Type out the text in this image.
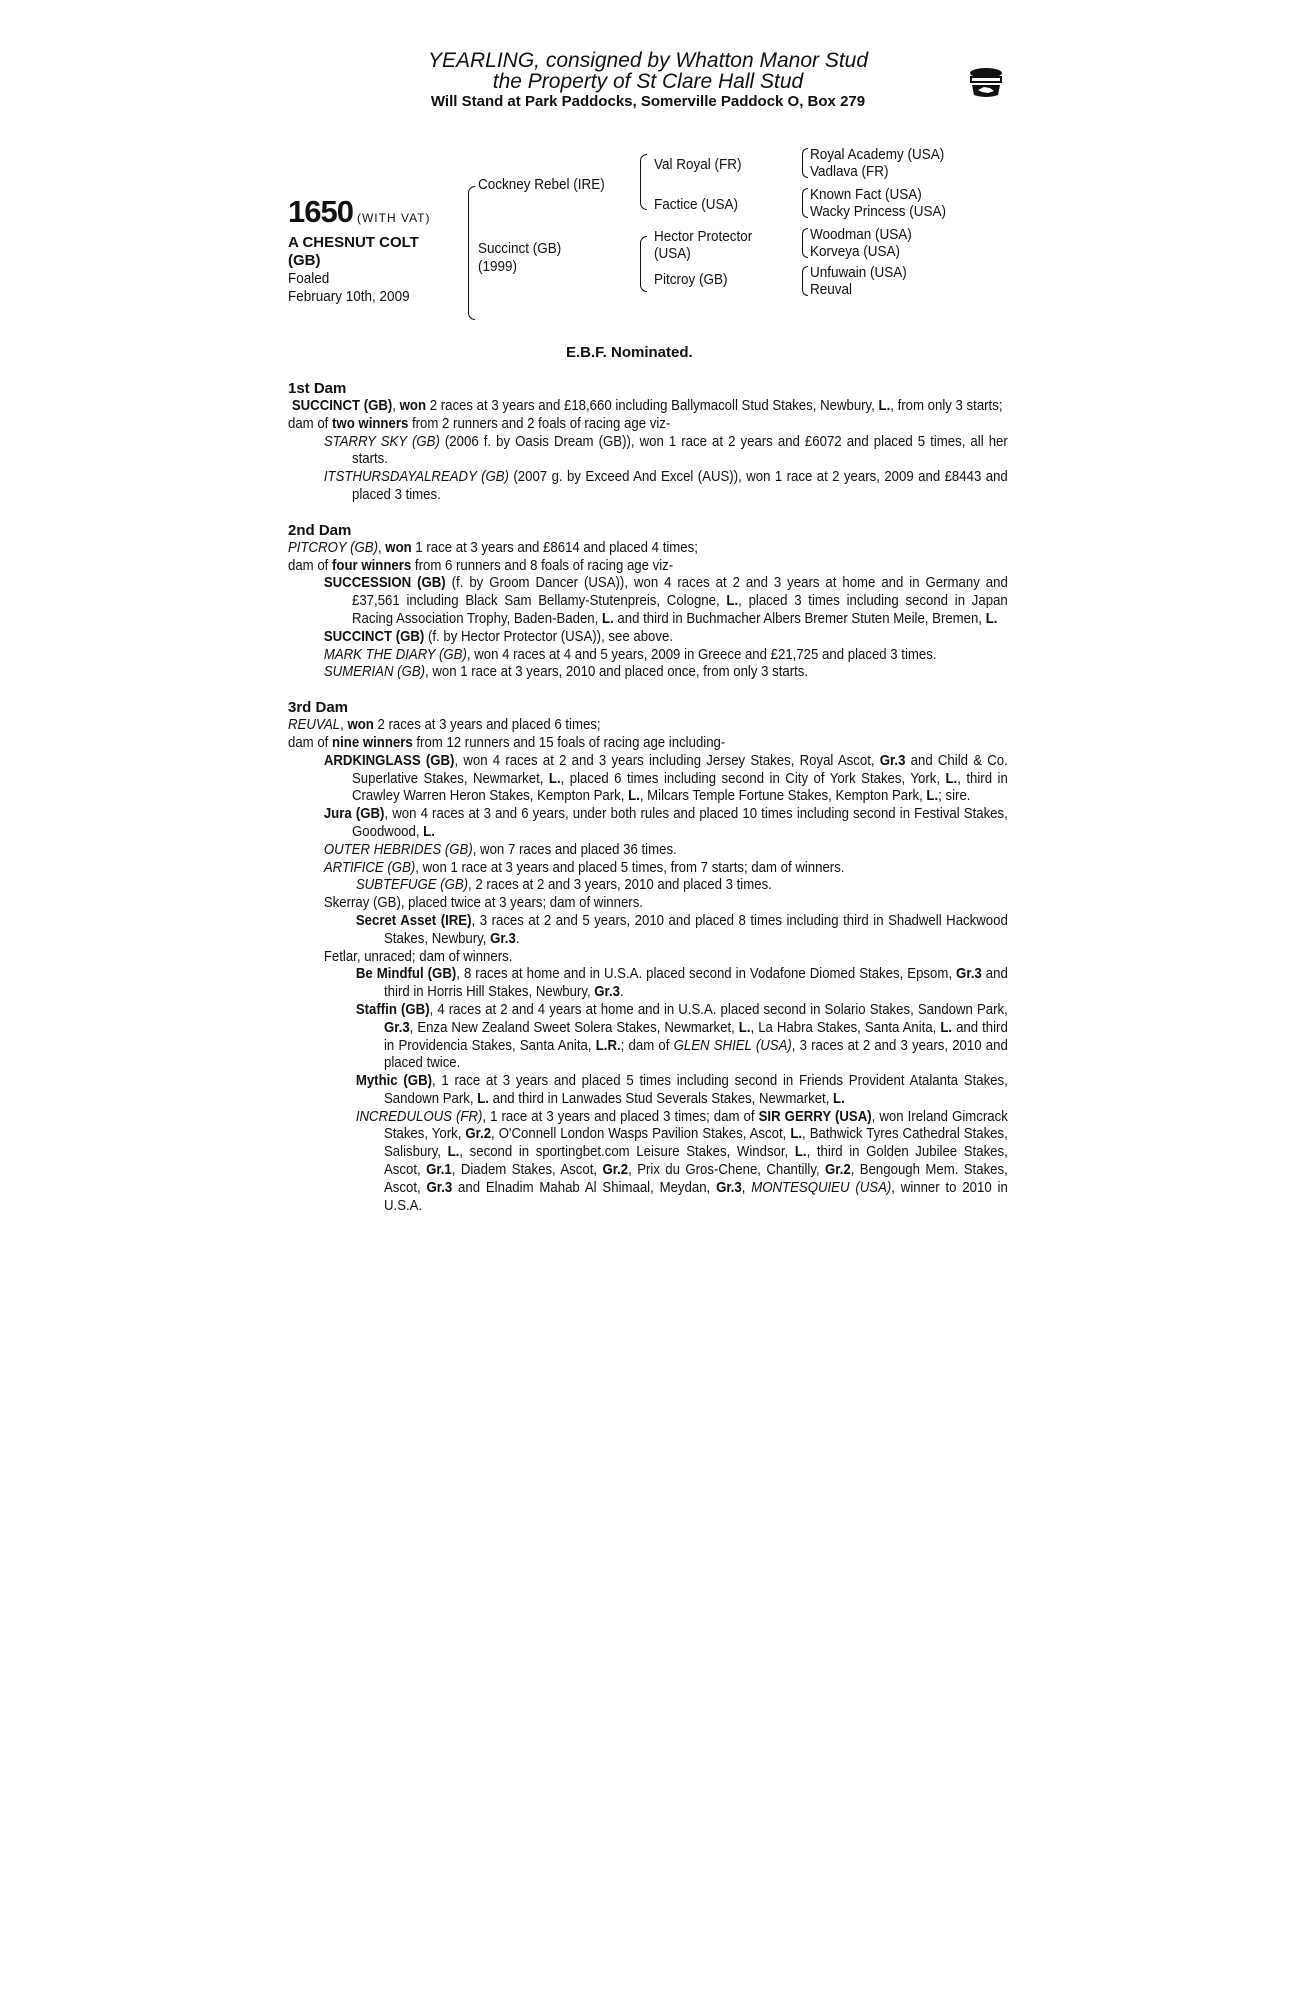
YEARLING, consigned by Whatton Manor Stud
the Property of St Clare Hall Stud
Will Stand at Park Paddocks, Somerville Paddock O, Box 279
1650 (WITH VAT)
A CHESNUT COLT
(GB)
Foaled
February 10th, 2009
Cockney Rebel (IRE)
Succinct (GB)
(1999)
Val Royal (FR)
Factice (USA)
Hector Protector
(USA)
Pitcroy (GB)
Royal Academy (USA)
Vadlava (FR)
Known Fact (USA)
Wacky Princess (USA)
Woodman (USA)
Korveya (USA)
Unfuwain (USA)
Reuval
E.B.F. Nominated.
1st Dam
SUCCINCT (GB), won 2 races at 3 years and £18,660 including Ballymacoll Stud Stakes, Newbury, L., from only 3 starts;
dam of two winners from 2 runners and 2 foals of racing age viz-
STARRY SKY (GB) (2006 f. by Oasis Dream (GB)), won 1 race at 2 years and £6072 and placed 5 times, all her starts.
ITSTHURSDAYALREADY (GB) (2007 g. by Exceed And Excel (AUS)), won 1 race at 2 years, 2009 and £8443 and placed 3 times.
2nd Dam
PITCROY (GB), won 1 race at 3 years and £8614 and placed 4 times;
dam of four winners from 6 runners and 8 foals of racing age viz-
SUCCESSION (GB) (f. by Groom Dancer (USA)), won 4 races at 2 and 3 years at home and in Germany and £37,561 including Black Sam Bellamy-Stutenpreis, Cologne, L., placed 3 times including second in Japan Racing Association Trophy, Baden-Baden, L. and third in Buchmacher Albers Bremer Stuten Meile, Bremen, L.
SUCCINCT (GB) (f. by Hector Protector (USA)), see above.
MARK THE DIARY (GB), won 4 races at 4 and 5 years, 2009 in Greece and £21,725 and placed 3 times.
SUMERIAN (GB), won 1 race at 3 years, 2010 and placed once, from only 3 starts.
3rd Dam
REUVAL, won 2 races at 3 years and placed 6 times;
dam of nine winners from 12 runners and 15 foals of racing age including-
ARDKINGLASS (GB), won 4 races at 2 and 3 years including Jersey Stakes, Royal Ascot, Gr.3 and Child & Co. Superlative Stakes, Newmarket, L., placed 6 times including second in City of York Stakes, York, L., third in Crawley Warren Heron Stakes, Kempton Park, L., Milcars Temple Fortune Stakes, Kempton Park, L.; sire.
Jura (GB), won 4 races at 3 and 6 years, under both rules and placed 10 times including second in Festival Stakes, Goodwood, L.
OUTER HEBRIDES (GB), won 7 races and placed 36 times.
ARTIFICE (GB), won 1 race at 3 years and placed 5 times, from 7 starts; dam of winners.
SUBTEFUGE (GB), 2 races at 2 and 3 years, 2010 and placed 3 times.
Skerray (GB), placed twice at 3 years; dam of winners.
Secret Asset (IRE), 3 races at 2 and 5 years, 2010 and placed 8 times including third in Shadwell Hackwood Stakes, Newbury, Gr.3.
Fetlar, unraced; dam of winners.
Be Mindful (GB), 8 races at home and in U.S.A. placed second in Vodafone Diomed Stakes, Epsom, Gr.3 and third in Horris Hill Stakes, Newbury, Gr.3.
Staffin (GB), 4 races at 2 and 4 years at home and in U.S.A. placed second in Solario Stakes, Sandown Park, Gr.3, Enza New Zealand Sweet Solera Stakes, Newmarket, L., La Habra Stakes, Santa Anita, L. and third in Providencia Stakes, Santa Anita, L.R.; dam of GLEN SHIEL (USA), 3 races at 2 and 3 years, 2010 and placed twice.
Mythic (GB), 1 race at 3 years and placed 5 times including second in Friends Provident Atalanta Stakes, Sandown Park, L. and third in Lanwades Stud Severals Stakes, Newmarket, L.
INCREDULOUS (FR), 1 race at 3 years and placed 3 times; dam of SIR GERRY (USA), won Ireland Gimcrack Stakes, York, Gr.2, O'Connell London Wasps Pavilion Stakes, Ascot, L., Bathwick Tyres Cathedral Stakes, Salisbury, L., second in sportingbet.com Leisure Stakes, Windsor, L., third in Golden Jubilee Stakes, Ascot, Gr.1, Diadem Stakes, Ascot, Gr.2, Prix du Gros-Chene, Chantilly, Gr.2, Bengough Mem. Stakes, Ascot, Gr.3 and Elnadim Mahab Al Shimaal, Meydan, Gr.3, MONTESQUIEU (USA), winner to 2010 in U.S.A.
